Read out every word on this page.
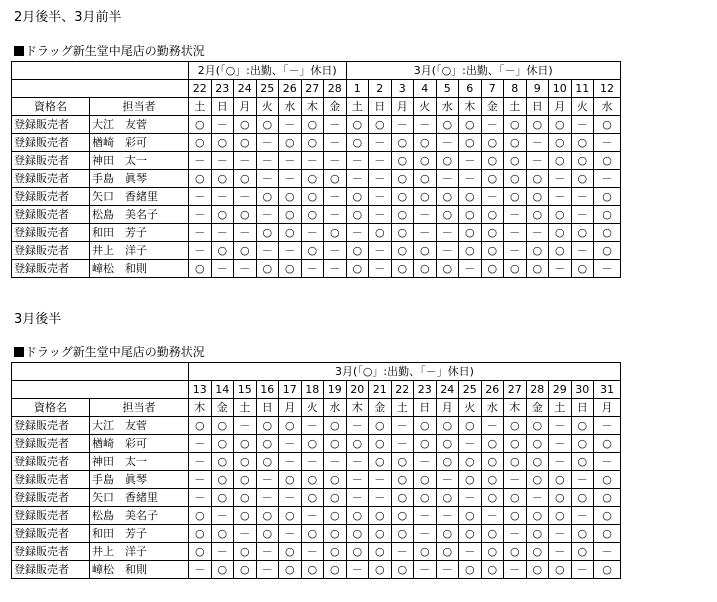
2月後半、3月前半
ドラッグ新生堂中尾店の勤務状況
		2月(「○」:出勤、「－」休日)							3月(「○」:出勤、「－」休日)											
		22	23	24	25	26	27	28	1	2	3	4	5	6	7	8	9	10	11	12
資格名	担当者	土	日	月	火	水	木	金	土	日	月	火	水	木	金	土	日	月	火	水
登録販売者	大江　友菅	○	－	○	○	－	○	－	○	○	－	－	○	○	－	○	○	○	－	○
登録販売者	楢崎　彩可	○	○	○	－	○	○	－	○	－	○	○	－	○	○	○	－	○	○	－
登録販売者	神田　太一	－	－	－	－	－	－	－	－	－	○	○	○	－	○	○	－	○	○	○
登録販売者	手島　眞琴	○	○	○	－	－	○	○	－	－	○	○	－	－	○	○	○	－	○	－
登録販売者	矢口　香緒里	－	－	－	○	○	○	－	○	－	○	○	○	○	－	○	○	－	－	○
登録販売者	松島　美名子	－	○	○	－	○	○	－	○	－	○	－	○	○	○	－	○	○	－	○
登録販売者	和田　芳子	－	－	－	○	○	－	○	－	○	○	－	－	○	○	－	－	○	○	○
登録販売者	井上　洋子	－	○	○	－	－	○	－	○	－	○	○	－	○	○	－	○	○	－	○
登録販売者	嶂松　和則	○	－	－	○	○	－	－	○	－	○	○	○	－	○	○	○	－	○	－
3月後半
ドラッグ新生堂中尾店の勤務状況
		3月(「○」:出勤、「－」休日)																		
		13	14	15	16	17	18	19	20	21	22	23	24	25	26	27	28	29	30	31
資格名	担当者	木	金	土	日	月	火	水	木	金	土	日	月	火	水	木	金	土	日	月
登録販売者	大江　友菅	○	○	－	○	○	－	○	－	○	－	○	○	○	－	○	○	－	○	－
登録販売者	楢崎　彩可	－	○	○	○	－	○	○	○	○	－	○	○	－	○	○	○	－	○	○
登録販売者	神田　太一	－	○	○	○	－	－	－	－	○	○	－	○	○	○	○	○	－	○	－
登録販売者	手島　眞琴	－	○	○	－	○	○	○	－	－	○	○	－	○	○	－	○	○	－	○
登録販売者	矢口　香緒里	－	○	○	－	－	○	○	－	－	○	○	○	－	○	○	－	○	○	○
登録販売者	松島　美名子	○	－	○	○	○	－	○	○	○	○	－	－	○	－	○	○	○	－	○
登録販売者	和田　芳子	○	○	－	○	－	○	○	○	○	○	－	○	○	○	－	○	－	○	○
登録販売者	井上　洋子	○	－	○	－	○	－	○	○	○	－	○	○	－	○	○	○	－	○	－
登録販売者	嶂松　和則	－	○	○	－	○	○	○	－	○	○	－	－	○	○	－	○	○	－	○
